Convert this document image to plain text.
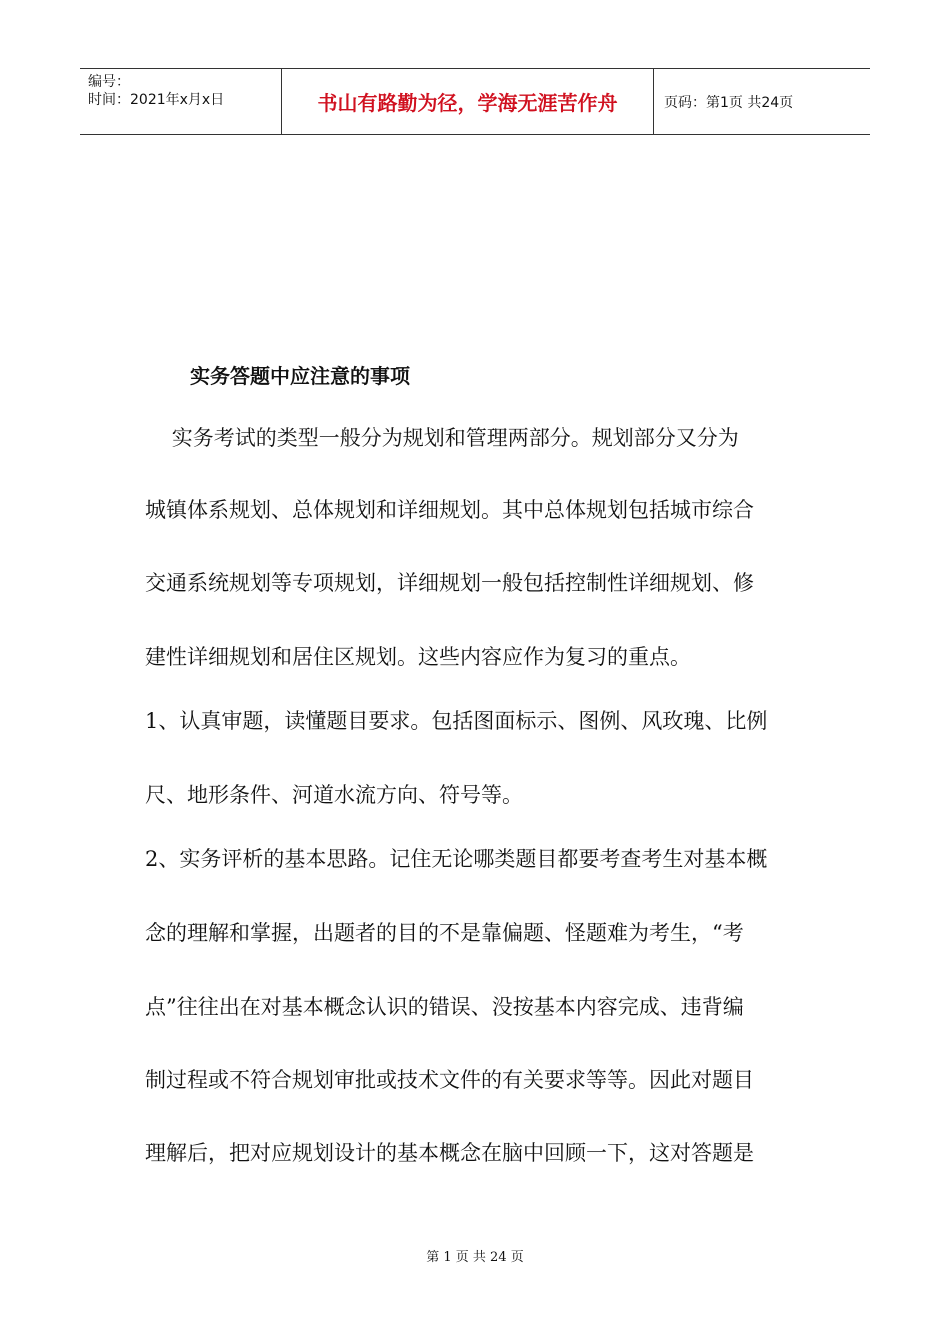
编号：
时间：2021年x月x日	书山有路勤为径，学海无涯苦作舟	页码：第1页 共24页
实务答题中应注意的事项
实务考试的类型一般分为规划和管理两部分。规划部分又分为
城镇体系规划、总体规划和详细规划。其中总体规划包括城市综合
交通系统规划等专项规划，详细规划一般包括控制性详细规划、修
建性详细规划和居住区规划。这些内容应作为复习的重点。
1、认真审题，读懂题目要求。包括图面标示、图例、风玫瑰、比例
尺、地形条件、河道水流方向、符号等。
2、实务评析的基本思路。记住无论哪类题目都要考查考生对基本概
念的理解和掌握，出题者的目的不是靠偏题、怪题难为考生，“考
点”往往出在对基本概念认识的错误、没按基本内容完成、违背编
制过程或不符合规划审批或技术文件的有关要求等等。因此对题目
理解后，把对应规划设计的基本概念在脑中回顾一下，这对答题是
第 1 页 共 24 页
